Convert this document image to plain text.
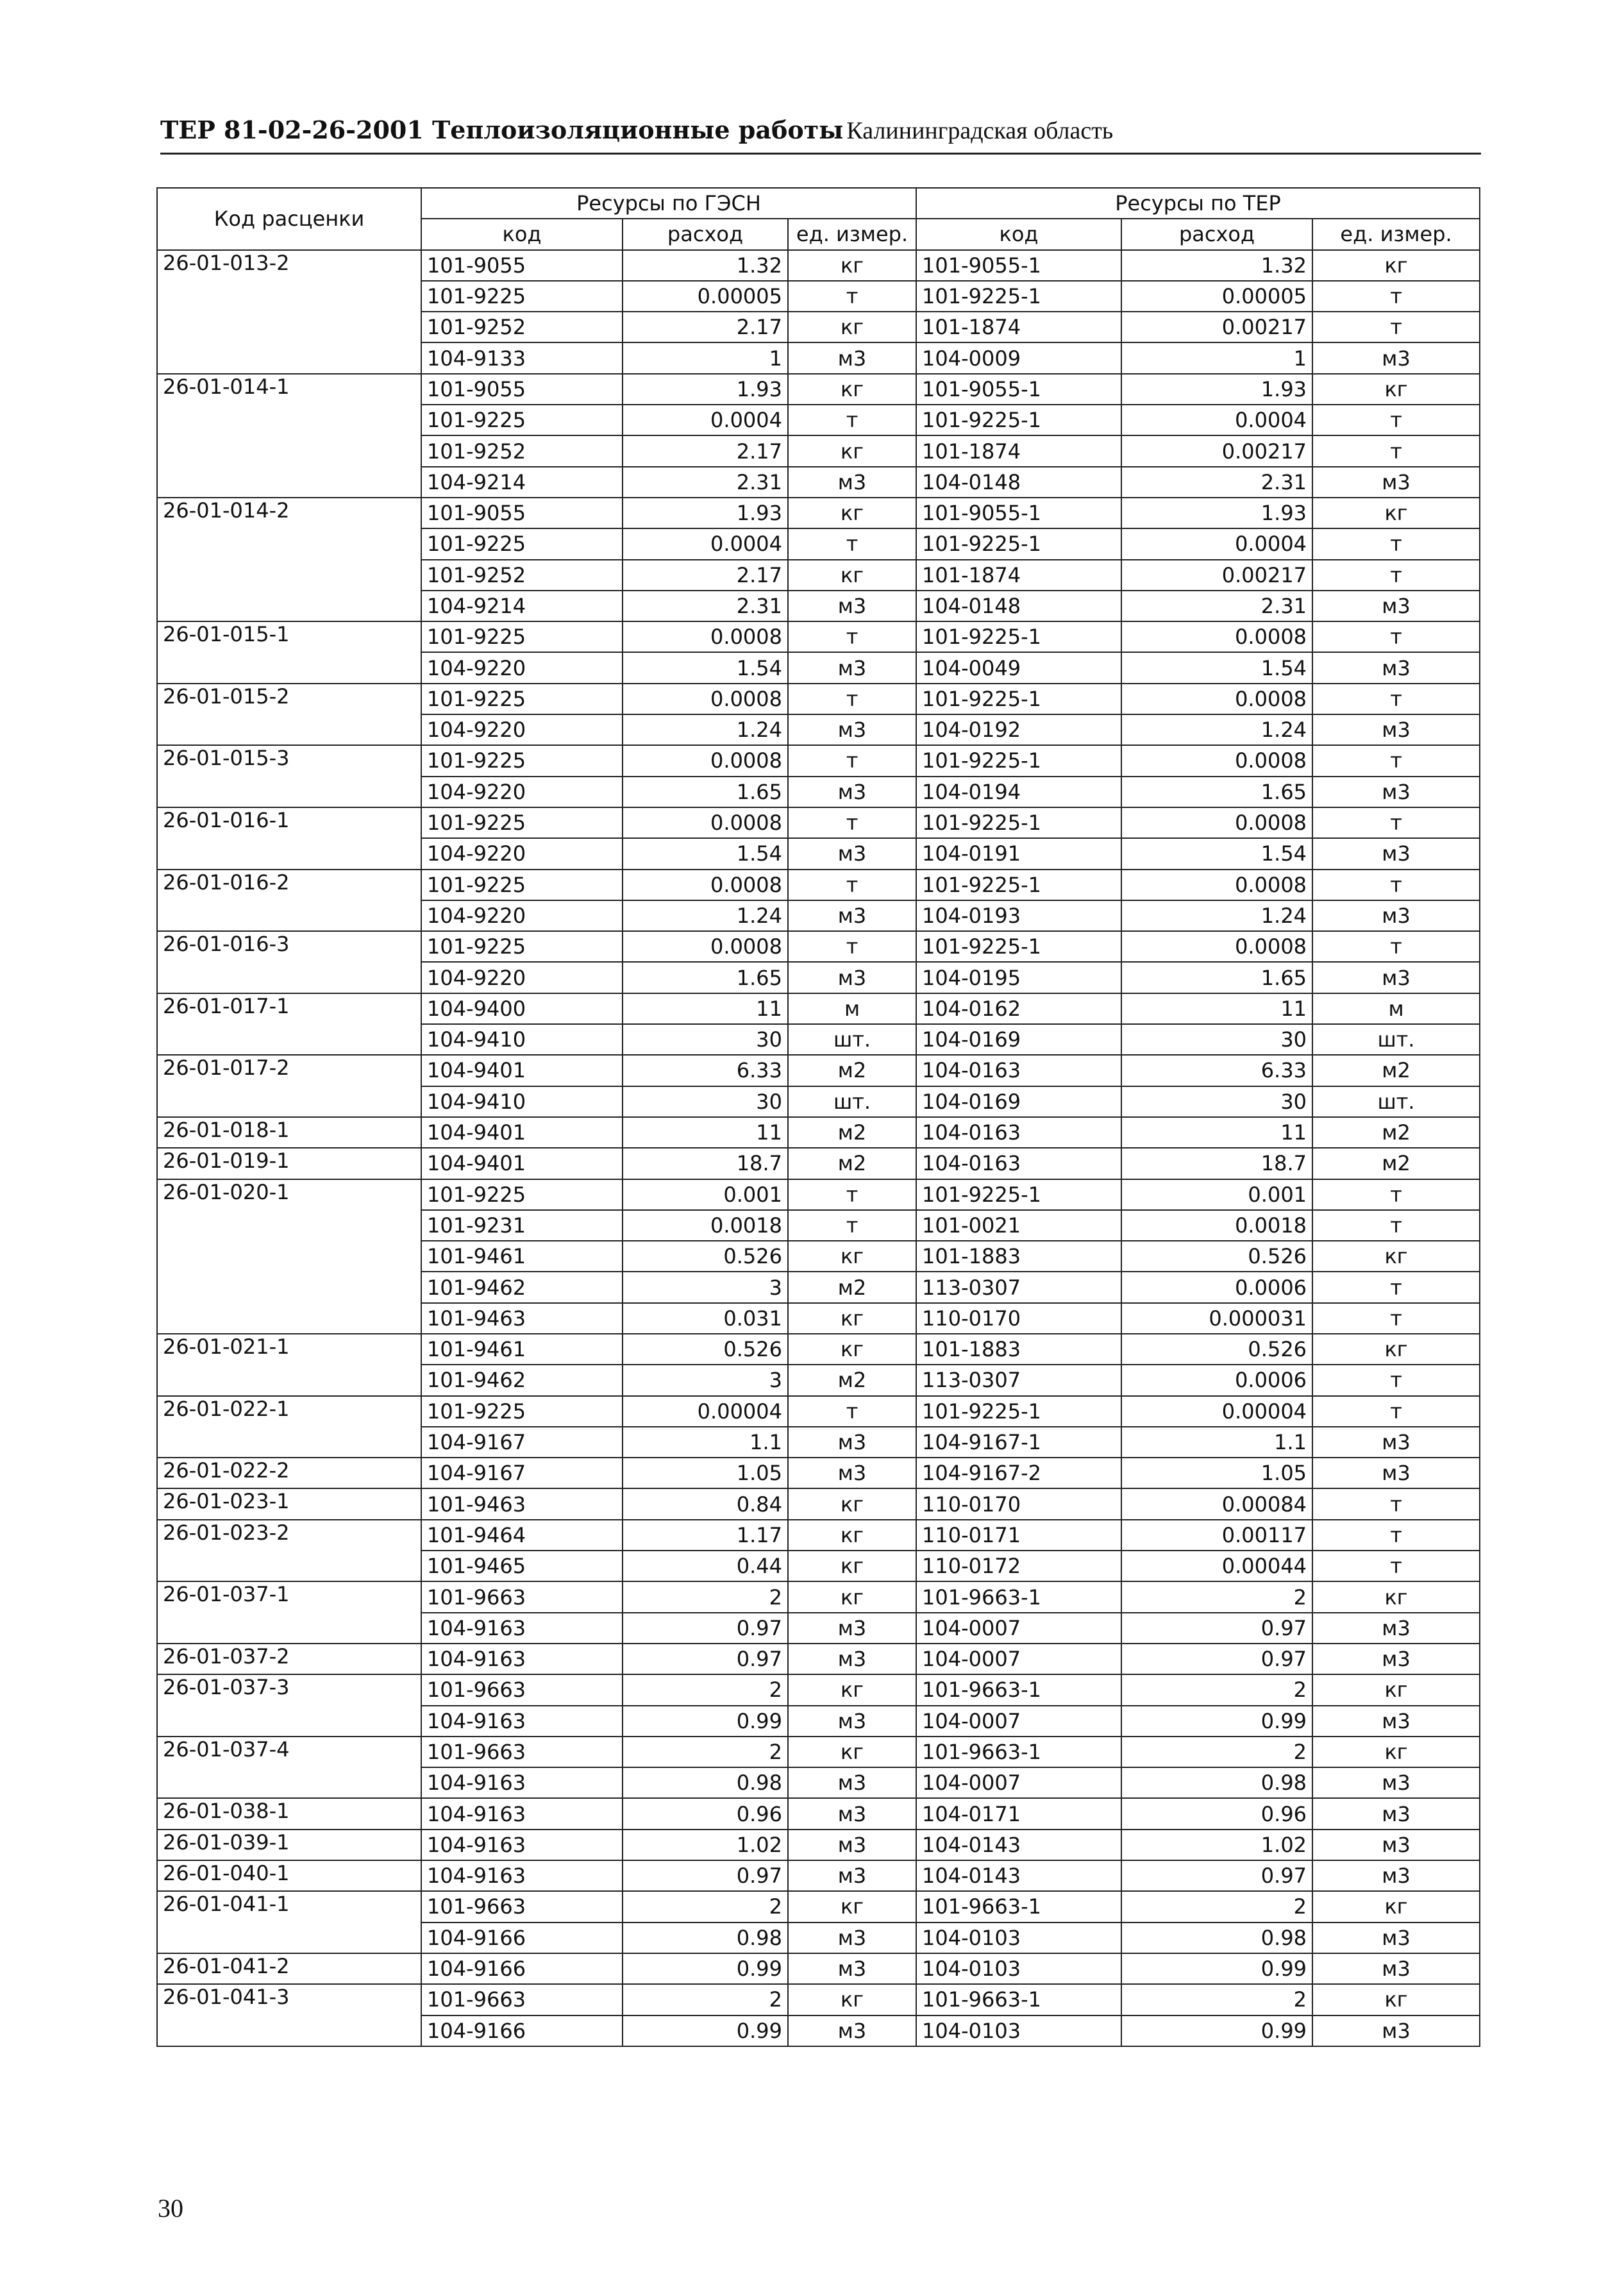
ТЕР 81-02-26-2001 Теплоизоляционные работы Калининградская область
Код расценки	Ресурсы по ГЭСН			Ресурсы по ТЕР		
	код	расход	ед. измер.	код	расход	ед. измер.
26-01-013-2	101-9055	1.32	кг	101-9055-1	1.32	кг
	101-9225	0.00005	т	101-9225-1	0.00005	т
	101-9252	2.17	кг	101-1874	0.00217	т
	104-9133	1	м3	104-0009	1	м3
26-01-014-1	101-9055	1.93	кг	101-9055-1	1.93	кг
	101-9225	0.0004	т	101-9225-1	0.0004	т
	101-9252	2.17	кг	101-1874	0.00217	т
	104-9214	2.31	м3	104-0148	2.31	м3
26-01-014-2	101-9055	1.93	кг	101-9055-1	1.93	кг
	101-9225	0.0004	т	101-9225-1	0.0004	т
	101-9252	2.17	кг	101-1874	0.00217	т
	104-9214	2.31	м3	104-0148	2.31	м3
26-01-015-1	101-9225	0.0008	т	101-9225-1	0.0008	т
	104-9220	1.54	м3	104-0049	1.54	м3
26-01-015-2	101-9225	0.0008	т	101-9225-1	0.0008	т
	104-9220	1.24	м3	104-0192	1.24	м3
26-01-015-3	101-9225	0.0008	т	101-9225-1	0.0008	т
	104-9220	1.65	м3	104-0194	1.65	м3
26-01-016-1	101-9225	0.0008	т	101-9225-1	0.0008	т
	104-9220	1.54	м3	104-0191	1.54	м3
26-01-016-2	101-9225	0.0008	т	101-9225-1	0.0008	т
	104-9220	1.24	м3	104-0193	1.24	м3
26-01-016-3	101-9225	0.0008	т	101-9225-1	0.0008	т
	104-9220	1.65	м3	104-0195	1.65	м3
26-01-017-1	104-9400	11	м	104-0162	11	м
	104-9410	30	шт.	104-0169	30	шт.
26-01-017-2	104-9401	6.33	м2	104-0163	6.33	м2
	104-9410	30	шт.	104-0169	30	шт.
26-01-018-1	104-9401	11	м2	104-0163	11	м2
26-01-019-1	104-9401	18.7	м2	104-0163	18.7	м2
26-01-020-1	101-9225	0.001	т	101-9225-1	0.001	т
	101-9231	0.0018	т	101-0021	0.0018	т
	101-9461	0.526	кг	101-1883	0.526	кг
	101-9462	3	м2	113-0307	0.0006	т
	101-9463	0.031	кг	110-0170	0.000031	т
26-01-021-1	101-9461	0.526	кг	101-1883	0.526	кг
	101-9462	3	м2	113-0307	0.0006	т
26-01-022-1	101-9225	0.00004	т	101-9225-1	0.00004	т
	104-9167	1.1	м3	104-9167-1	1.1	м3
26-01-022-2	104-9167	1.05	м3	104-9167-2	1.05	м3
26-01-023-1	101-9463	0.84	кг	110-0170	0.00084	т
26-01-023-2	101-9464	1.17	кг	110-0171	0.00117	т
	101-9465	0.44	кг	110-0172	0.00044	т
26-01-037-1	101-9663	2	кг	101-9663-1	2	кг
	104-9163	0.97	м3	104-0007	0.97	м3
26-01-037-2	104-9163	0.97	м3	104-0007	0.97	м3
26-01-037-3	101-9663	2	кг	101-9663-1	2	кг
	104-9163	0.99	м3	104-0007	0.99	м3
26-01-037-4	101-9663	2	кг	101-9663-1	2	кг
	104-9163	0.98	м3	104-0007	0.98	м3
26-01-038-1	104-9163	0.96	м3	104-0171	0.96	м3
26-01-039-1	104-9163	1.02	м3	104-0143	1.02	м3
26-01-040-1	104-9163	0.97	м3	104-0143	0.97	м3
26-01-041-1	101-9663	2	кг	101-9663-1	2	кг
	104-9166	0.98	м3	104-0103	0.98	м3
26-01-041-2	104-9166	0.99	м3	104-0103	0.99	м3
26-01-041-3	101-9663	2	кг	101-9663-1	2	кг
	104-9166	0.99	м3	104-0103	0.99	м3
30
